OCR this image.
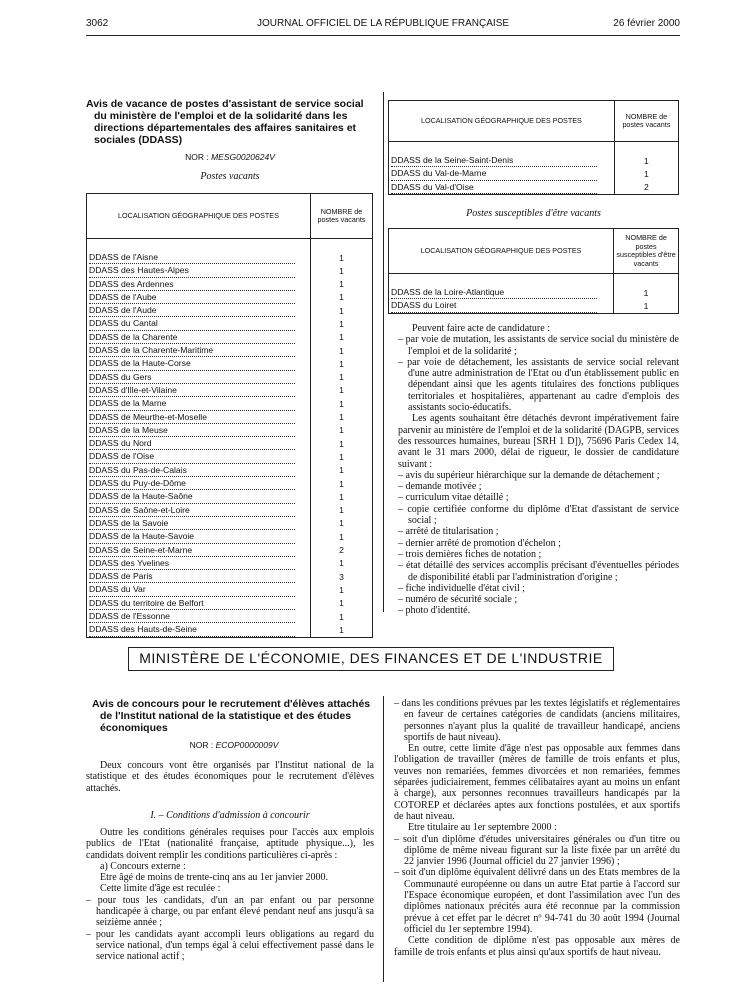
3062	JOURNAL OFFICIEL DE LA RÉPUBLIQUE FRANÇAISE	26 février 2000
Avis de vacance de postes d'assistant de service social du ministère de l'emploi et de la solidarité dans les directions départementales des affaires sanitaires et sociales (DDASS)
NOR : MESG0020624V
Postes vacants
LOCALISATION GÉOGRAPHIQUE DES POSTES	NOMBRE de postes vacants

DDASS de l'Aisne	1
DDASS des Hautes-Alpes	1
DDASS des Ardennes	1
DDASS de l'Aube	1
DDASS de l'Aude	1
DDASS du Cantal	1
DDASS de la Charente	1
DDASS de la Charente-Maritime	1
DDASS de la Haute-Corse	1
DDASS du Gers	1
DDASS d'Ille-et-Vilaine	1
DDASS de la Marne	1
DDASS de Meurthe-et-Moselle	1
DDASS de la Meuse	1
DDASS du Nord	1
DDASS de l'Oise	1
DDASS du Pas-de-Calais	1
DDASS du Puy-de-Dôme	1
DDASS de la Haute-Saône	1
DDASS de Saône-et-Loire	1
DDASS de la Savoie	1
DDASS de la Haute-Savoie	1
DDASS de Seine-et-Marne	2
DDASS des Yvelines	1
DDASS de Paris	3
DDASS du Var	1
DDASS du territoire de Belfort	1
DDASS de l'Essonne	1
DDASS des Hauts-de-Seine	1
LOCALISATION GÉOGRAPHIQUE DES POSTES	NOMBRE de postes vacants

DDASS de la Seine-Saint-Denis	1
DDASS du Val-de-Marne	1
DDASS du Val-d'Oise	2
Postes susceptibles d'être vacants
LOCALISATION GÉOGRAPHIQUE DES POSTES	NOMBRE de postes susceptibles d'être vacants

DDASS de la Loire-Atlantique	1
DDASS du Loiret	1

Peuvent faire acte de candidature :

– par voie de mutation, les assistants de service social du ministère de l'emploi et de la solidarité ;

– par voie de détachement, les assistants de service social relevant d'une autre administration de l'Etat ou d'un établissement public en dépendant ainsi que les agents titulaires des fonctions publiques territoriales et hospitalières, appartenant au cadre d'emplois des assistants socio-éducatifs.

Les agents souhaitant être détachés devront impérativement faire parvenir au ministère de l'emploi et de la solidarité (DAGPB, services des ressources humaines, bureau [SRH 1 D]), 75696 Paris Cedex 14, avant le 31 mars 2000, délai de rigueur, le dossier de candidature suivant :

– avis du supérieur hiérarchique sur la demande de détachement ;

– demande motivée ;

– curriculum vitae détaillé ;

– copie certifiée conforme du diplôme d'Etat d'assistant de service social ;

– arrêté de titularisation ;

– dernier arrêté de promotion d'échelon ;

– trois dernières fiches de notation ;

– état détaillé des services accomplis précisant d'éventuelles périodes de disponibilité établi par l'administration d'origine ;

– fiche individuelle d'état civil ;

– numéro de sécurité sociale ;

– photo d'identité.

MINISTÈRE DE L'ÉCONOMIE, DES FINANCES ET DE L'INDUSTRIE
Avis de concours pour le recrutement d'élèves attachés de l'Institut national de la statistique et des études économiques
NOR : ECOP0000009V

Deux concours vont être organisés par l'Institut national de la statistique et des études économiques pour le recrutement d'élèves attachés.

I. – Conditions d'admission à concourir

Outre les conditions générales requises pour l'accès aux emplois publics de l'Etat (nationalité française, aptitude physique...), les candidats doivent remplir les conditions particulières ci-après :

a) Concours externe :

Etre âgé de moins de trente-cinq ans au 1er janvier 2000.

Cette limite d'âge est reculée :

– pour tous les candidats, d'un an par enfant ou par personne handicapée à charge, ou par enfant élevé pendant neuf ans jusqu'à sa seizième année ;

– pour les candidats ayant accompli leurs obligations au regard du service national, d'un temps égal à celui effectivement passé dans le service national actif ;

– dans les conditions prévues par les textes législatifs et réglementaires en faveur de certaines catégories de candidats (anciens militaires, personnes n'ayant plus la qualité de travailleur handicapé, anciens sportifs de haut niveau).

En outre, cette limite d'âge n'est pas opposable aux femmes dans l'obligation de travailler (mères de famille de trois enfants et plus, veuves non remariées, femmes divorcées et non remariées, femmes séparées judiciairement, femmes célibataires ayant au moins un enfant à charge), aux personnes reconnues travailleurs handicapés par la COTOREP et déclarées aptes aux fonctions postulées, et aux sportifs de haut niveau.

Etre titulaire au 1er septembre 2000 :

– soit d'un diplôme d'études universitaires générales ou d'un titre ou diplôme de même niveau figurant sur la liste fixée par un arrêté du 22 janvier 1996 (Journal officiel du 27 janvier 1996) ;

– soit d'un diplôme équivalent délivré dans un des Etats membres de la Communauté européenne ou dans un autre Etat partie à l'accord sur l'Espace économique européen, et dont l'assimilation avec l'un des diplômes nationaux précités aura été reconnue par la commission prévue à cet effet par le décret nº 94-741 du 30 août 1994 (Journal officiel du 1er septembre 1994).

Cette condition de diplôme n'est pas opposable aux mères de famille de trois enfants et plus ainsi qu'aux sportifs de haut niveau.
